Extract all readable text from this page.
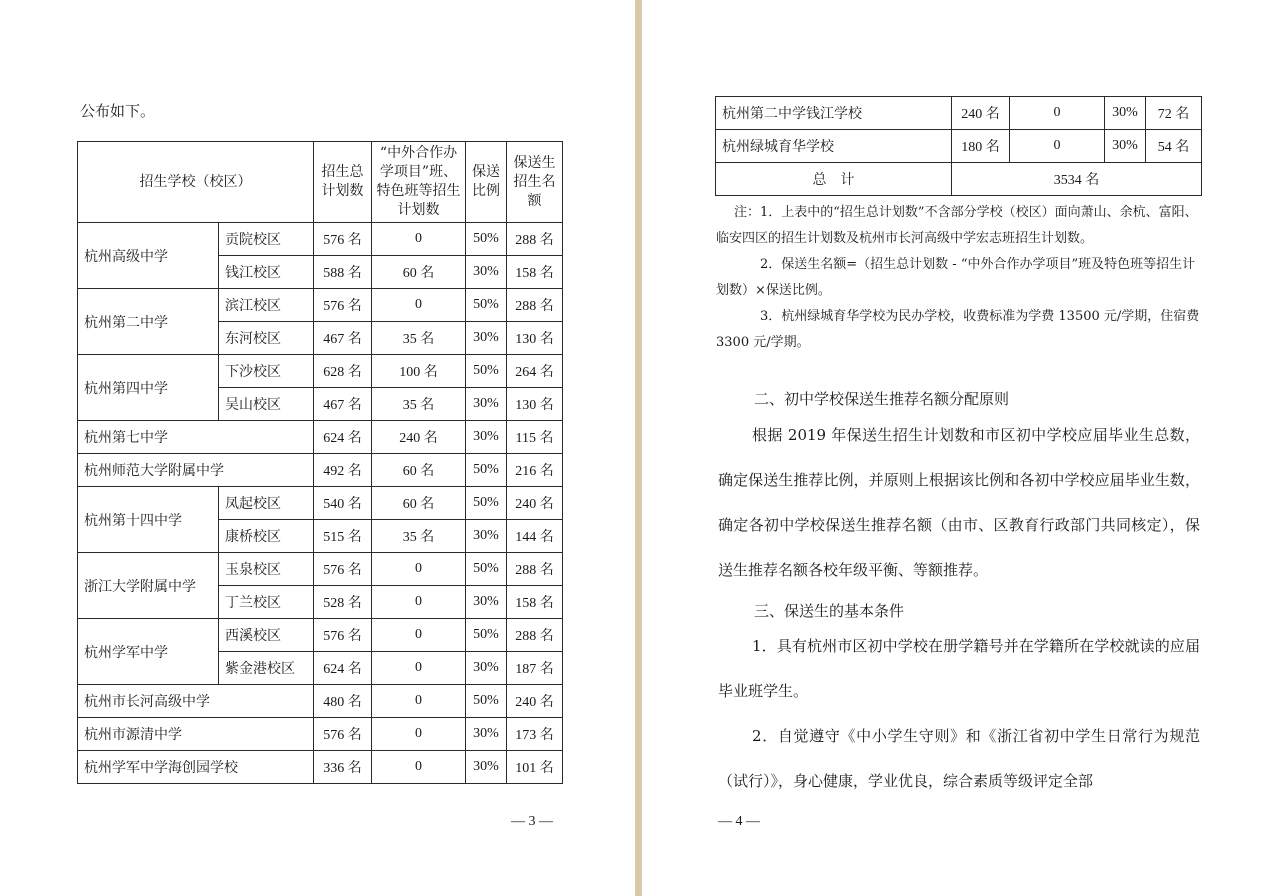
公布如下。
招生学校（校区）		招生总计划数	“中外合作办学项目”班、特色班等招生计划数	保送比例	保送生招生名额
杭州高级中学	贡院校区	576 名	0	50%	288 名
	钱江校区	588 名	60 名	30%	158 名
杭州第二中学	滨江校区	576 名	0	50%	288 名
	东河校区	467 名	35 名	30%	130 名
杭州第四中学	下沙校区	628 名	100 名	50%	264 名
	吴山校区	467 名	35 名	30%	130 名
杭州第七中学		624 名	240 名	30%	115 名
杭州师范大学附属中学		492 名	60 名	50%	216 名
杭州第十四中学	凤起校区	540 名	60 名	50%	240 名
	康桥校区	515 名	35 名	30%	144 名
浙江大学附属中学	玉泉校区	576 名	0	50%	288 名
	丁兰校区	528 名	0	30%	158 名
杭州学军中学	西溪校区	576 名	0	50%	288 名
	紫金港校区	624 名	0	30%	187 名
杭州市长河高级中学		480 名	0	50%	240 名
杭州市源清中学		576 名	0	30%	173 名
杭州学军中学海创园学校		336 名	0	30%	101 名
— 3 —
杭州第二中学钱江学校	240 名	0	30%	72 名
杭州绿城育华学校	180 名	0	30%	54 名
总　计	3534 名			
注：1．上表中的“招生总计划数”不含部分学校（校区）面向萧山、余杭、富阳、临安四区的招生计划数及杭州市长河高级中学宏志班招生计划数。
2．保送生名额=（招生总计划数 - “中外合作办学项目”班及特色班等招生计划数）×保送比例。
3．杭州绿城育华学校为民办学校，收费标准为学费 13500 元/学期，住宿费 3300 元/学期。
二、初中学校保送生推荐名额分配原则
根据 2019 年保送生招生计划数和市区初中学校应届毕业生总数，确定保送生推荐比例，并原则上根据该比例和各初中学校应届毕业生数，确定各初中学校保送生推荐名额（由市、区教育行政部门共同核定），保送生推荐名额各校年级平衡、等额推荐。
三、保送生的基本条件
1．具有杭州市区初中学校在册学籍号并在学籍所在学校就读的应届毕业班学生。
2．自觉遵守《中小学生守则》和《浙江省初中学生日常行为规范（试行）》，身心健康，学业优良，综合素质等级评定全部
— 4 —
